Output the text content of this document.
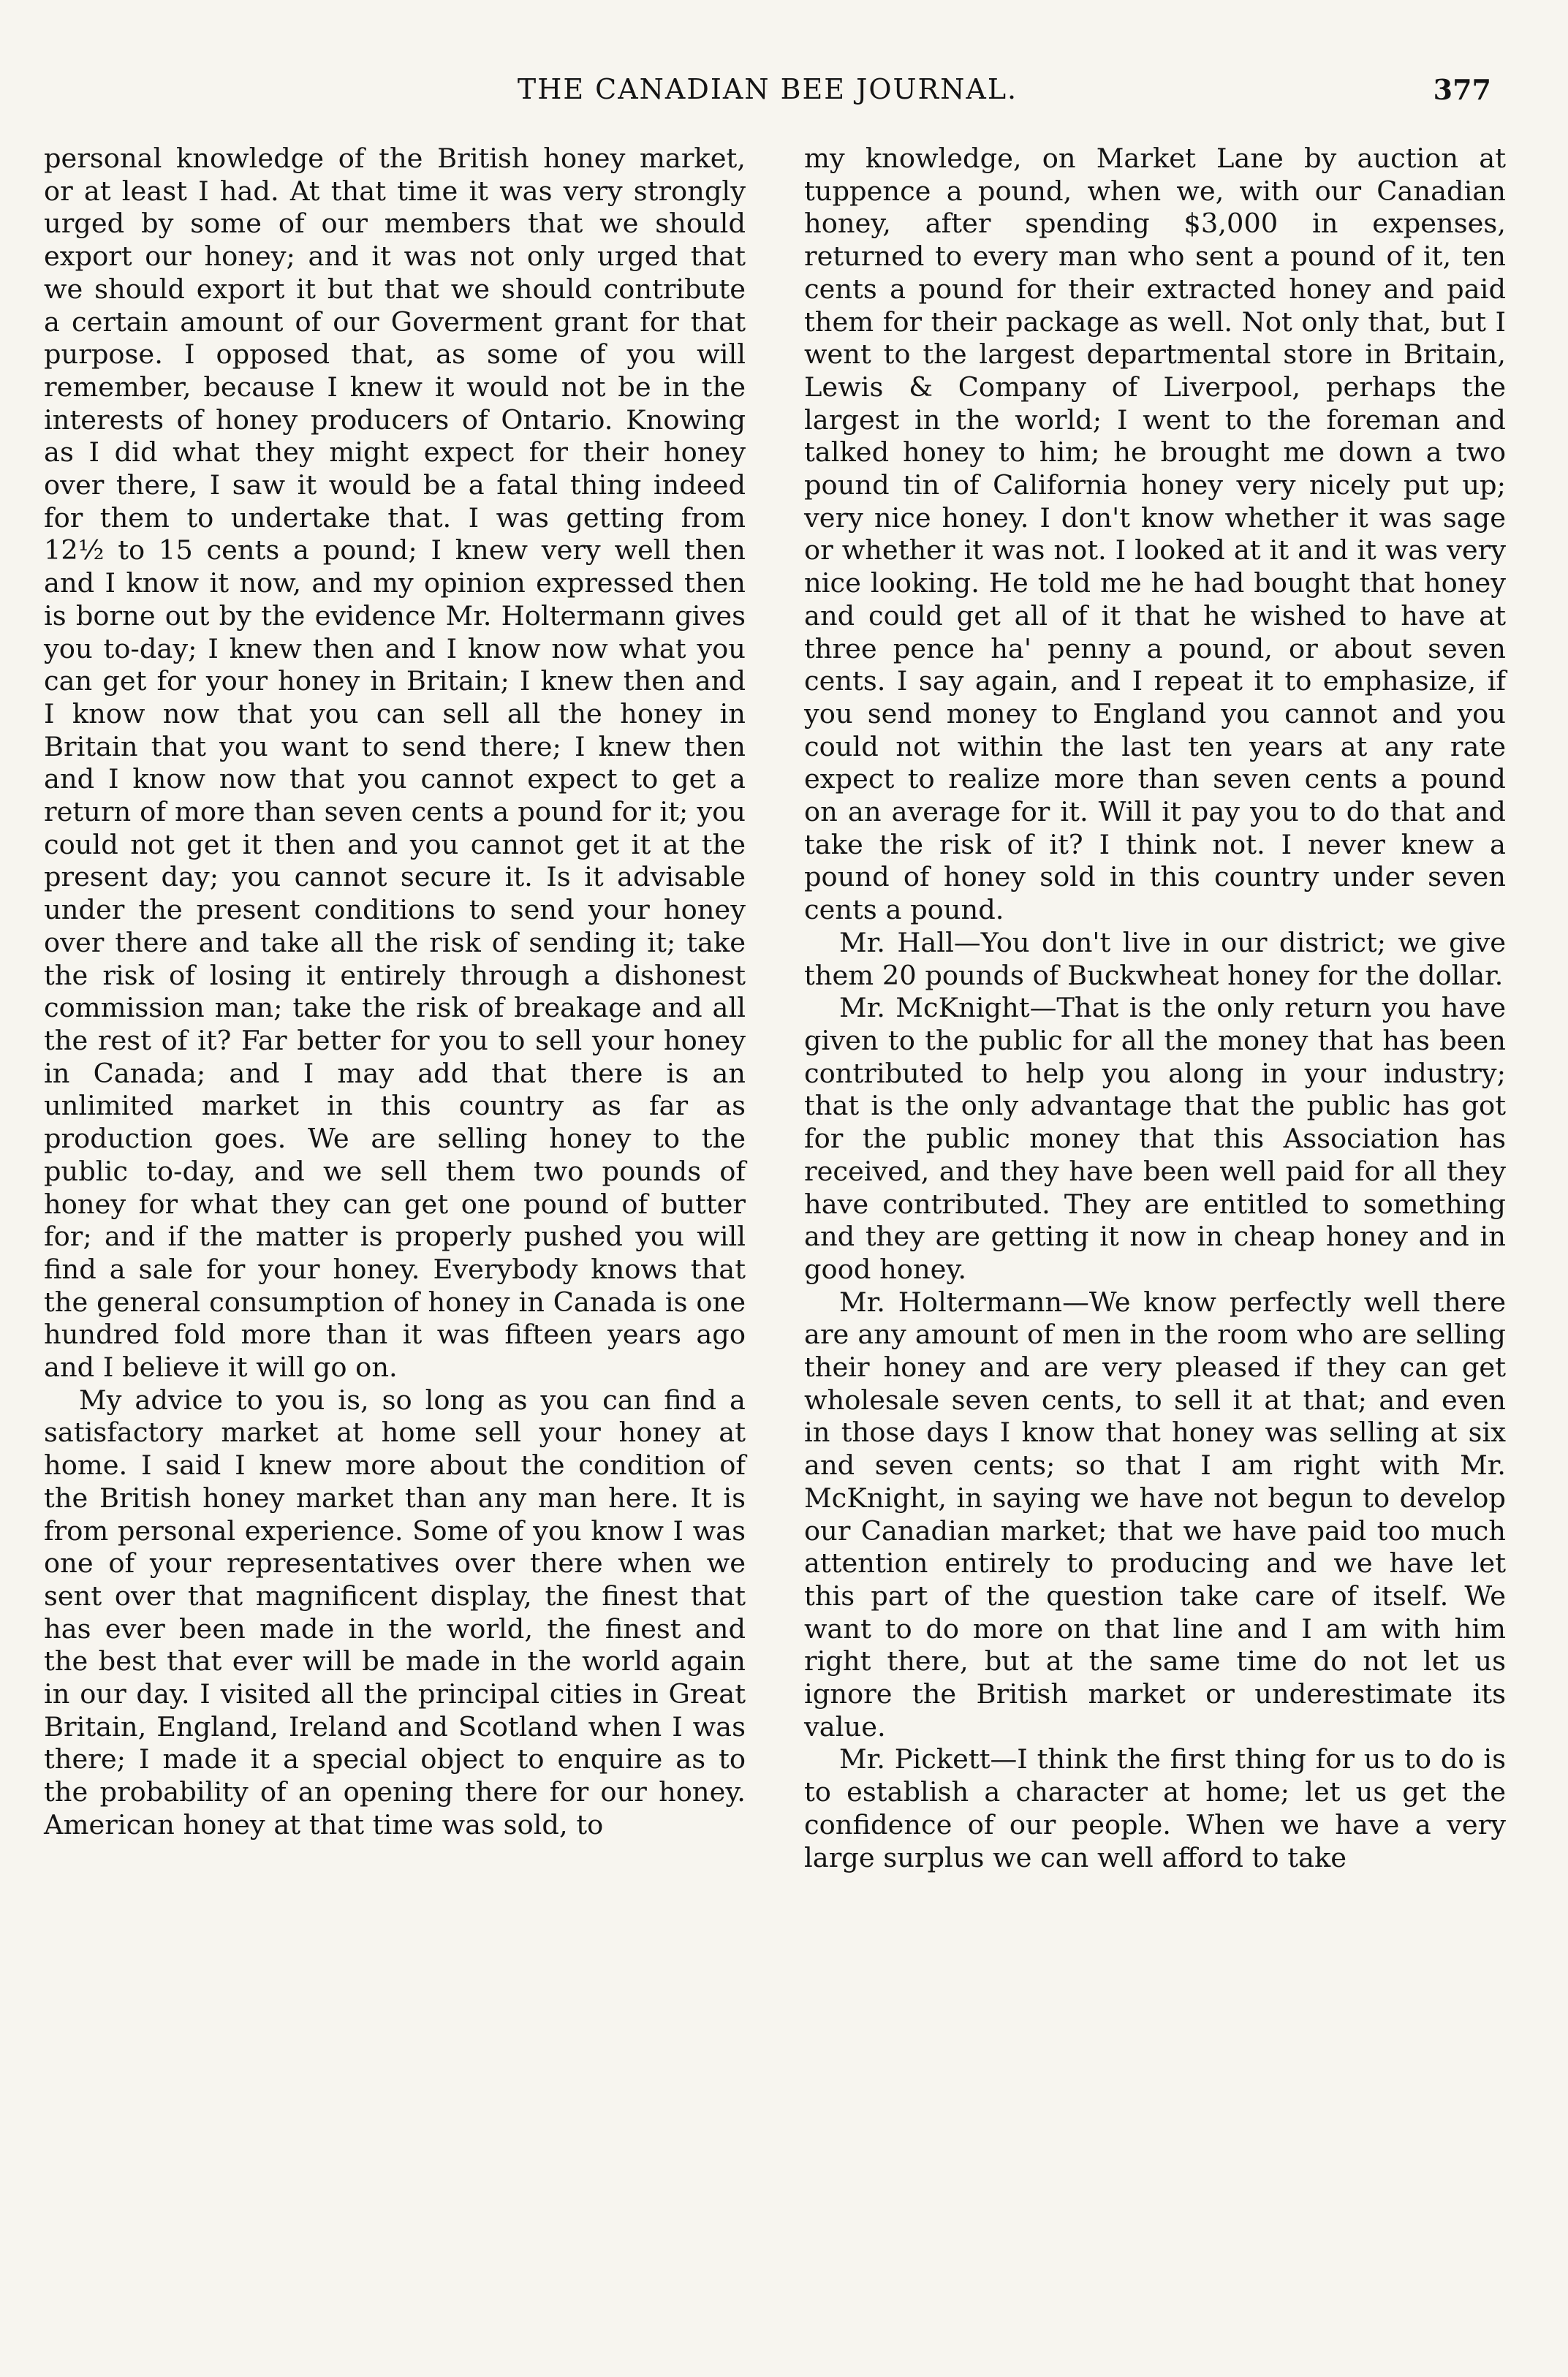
THE CANADIAN BEE JOURNAL.	377

personal knowledge of the British honey market, or at least I had. At that time it was very strongly urged by some of our members that we should export our honey; and it was not only urged that we should export it but that we should contribute a certain amount of our Goverment grant for that purpose. I opposed that, as some of you will remember, because I knew it would not be in the interests of honey producers of Ontario. Knowing as I did what they might expect for their honey over there, I saw it would be a fatal thing indeed for them to undertake that. I was getting from 12½ to 15 cents a pound; I knew very well then and I know it now, and my opinion expressed then is borne out by the evidence Mr. Holtermann gives you to-day; I knew then and I know now what you can get for your honey in Britain; I knew then and I know now that you can sell all the honey in Britain that you want to send there; I knew then and I know now that you cannot expect to get a return of more than seven cents a pound for it; you could not get it then and you cannot get it at the present day; you cannot secure it. Is it advisable under the present conditions to send your honey over there and take all the risk of sending it; take the risk of losing it entirely through a dishonest commission man; take the risk of breakage and all the rest of it? Far better for you to sell your honey in Canada; and I may add that there is an unlimited market in this country as far as production goes. We are selling honey to the public to-day, and we sell them two pounds of honey for what they can get one pound of butter for; and if the matter is properly pushed you will find a sale for your honey. Everybody knows that the general consumption of honey in Canada is one hundred fold more than it was fifteen years ago and I believe it will go on.

My advice to you is, so long as you can find a satisfactory market at home sell your honey at home. I said I knew more about the condition of the British honey market than any man here. It is from personal experience. Some of you know I was one of your representatives over there when we sent over that magnificent display, the finest that has ever been made in the world, the finest and the best that ever will be made in the world again in our day. I visited all the principal cities in Great Britain, England, Ireland and Scotland when I was there; I made it a special object to enquire as to the probability of an opening there for our honey. American honey at that time was sold, to

my knowledge, on Market Lane by auction at tuppence a pound, when we, with our Canadian honey, after spending $3,000 in expenses, returned to every man who sent a pound of it, ten cents a pound for their extracted honey and paid them for their package as well. Not only that, but I went to the largest departmental store in Britain, Lewis & Company of Liverpool, perhaps the largest in the world; I went to the foreman and talked honey to him; he brought me down a two pound tin of California honey very nicely put up; very nice honey. I don't know whether it was sage or whether it was not. I looked at it and it was very nice looking. He told me he had bought that honey and could get all of it that he wished to have at three pence ha' penny a pound, or about seven cents. I say again, and I repeat it to emphasize, if you send money to England you cannot and you could not within the last ten years at any rate expect to realize more than seven cents a pound on an average for it. Will it pay you to do that and take the risk of it? I think not. I never knew a pound of honey sold in this country under seven cents a pound.

Mr. Hall—You don't live in our district; we give them 20 pounds of Buckwheat honey for the dollar.

Mr. McKnight—That is the only return you have given to the public for all the money that has been contributed to help you along in your industry; that is the only advantage that the public has got for the public money that this Association has received, and they have been well paid for all they have contributed. They are entitled to something and they are getting it now in cheap honey and in good honey.

Mr. Holtermann—We know perfectly well there are any amount of men in the room who are selling their honey and are very pleased if they can get wholesale seven cents, to sell it at that; and even in those days I know that honey was selling at six and seven cents; so that I am right with Mr. McKnight, in saying we have not begun to develop our Canadian market; that we have paid too much attention entirely to producing and we have let this part of the question take care of itself. We want to do more on that line and I am with him right there, but at the same time do not let us ignore the British market or underestimate its value.

Mr. Pickett—I think the first thing for us to do is to establish a character at home; let us get the confidence of our people. When we have a very large surplus we can well afford to take
